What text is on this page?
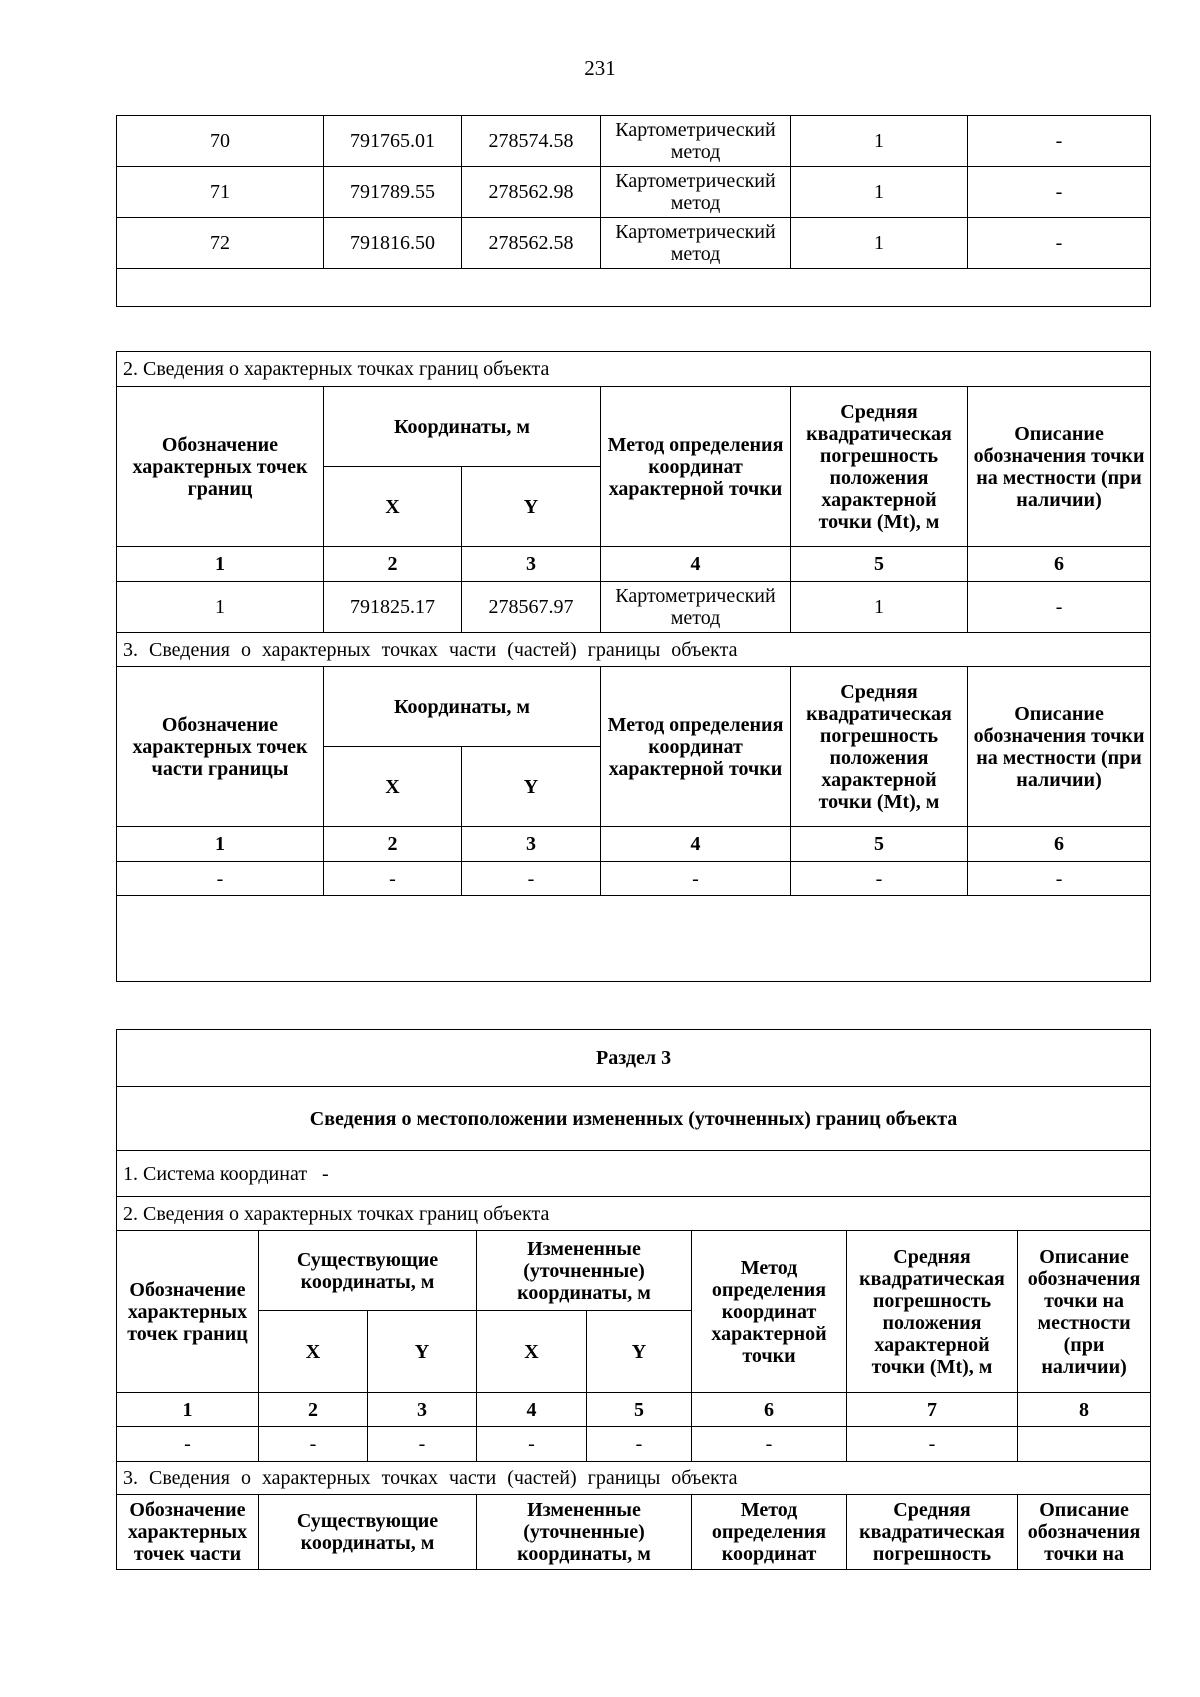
231
70	791765.01	278574.58	Картометрический метод	1	-
71	791789.55	278562.98	Картометрический метод	1	-
72	791816.50	278562.58	Картометрический метод	1	-

2. Сведения о характерных точках границ объекта					
Обозначение характерных точек границ	Координаты, м		Метод определения координат характерной точки	Средняя квадратическая погрешность положения характерной точки (Mt), м	Описание обозначения точки на местности (при наличии)
	X	Y			
1	2	3	4	5	6
1	791825.17	278567.97	Картометрический метод	1	-
3. Сведения о характерных точках части (частей) границы объекта					
Обозначение характерных точек части границы	Координаты, м		Метод определения координат характерной точки	Средняя квадратическая погрешность положения характерной точки (Mt), м	Описание обозначения точки на местности (при наличии)
	X	Y			
1	2	3	4	5	6
-	-	-	-	-	-

Раздел 3							
Сведения о местоположении измененных (уточненных) границ объекта							
1. Система координат   -							
2. Сведения о характерных точках границ объекта							
Обозначение характерных точек границ	Существующие координаты, м		Измененные (уточненные) координаты, м		Метод определения координат характерной точки	Средняя квадратическая погрешность положения характерной точки (Mt), м	Описание обозначения точки на местности (при наличии)
	X	Y	X	Y			
1	2	3	4	5	6	7	8
-	-	-	-	-	-	-	
3. Сведения о характерных точках части (частей) границы объекта							
Обозначение характерных точек части	Существующие координаты, м		Измененные (уточненные) координаты, м		Метод определения координат	Средняя квадратическая погрешность	Описание обозначения точки на
